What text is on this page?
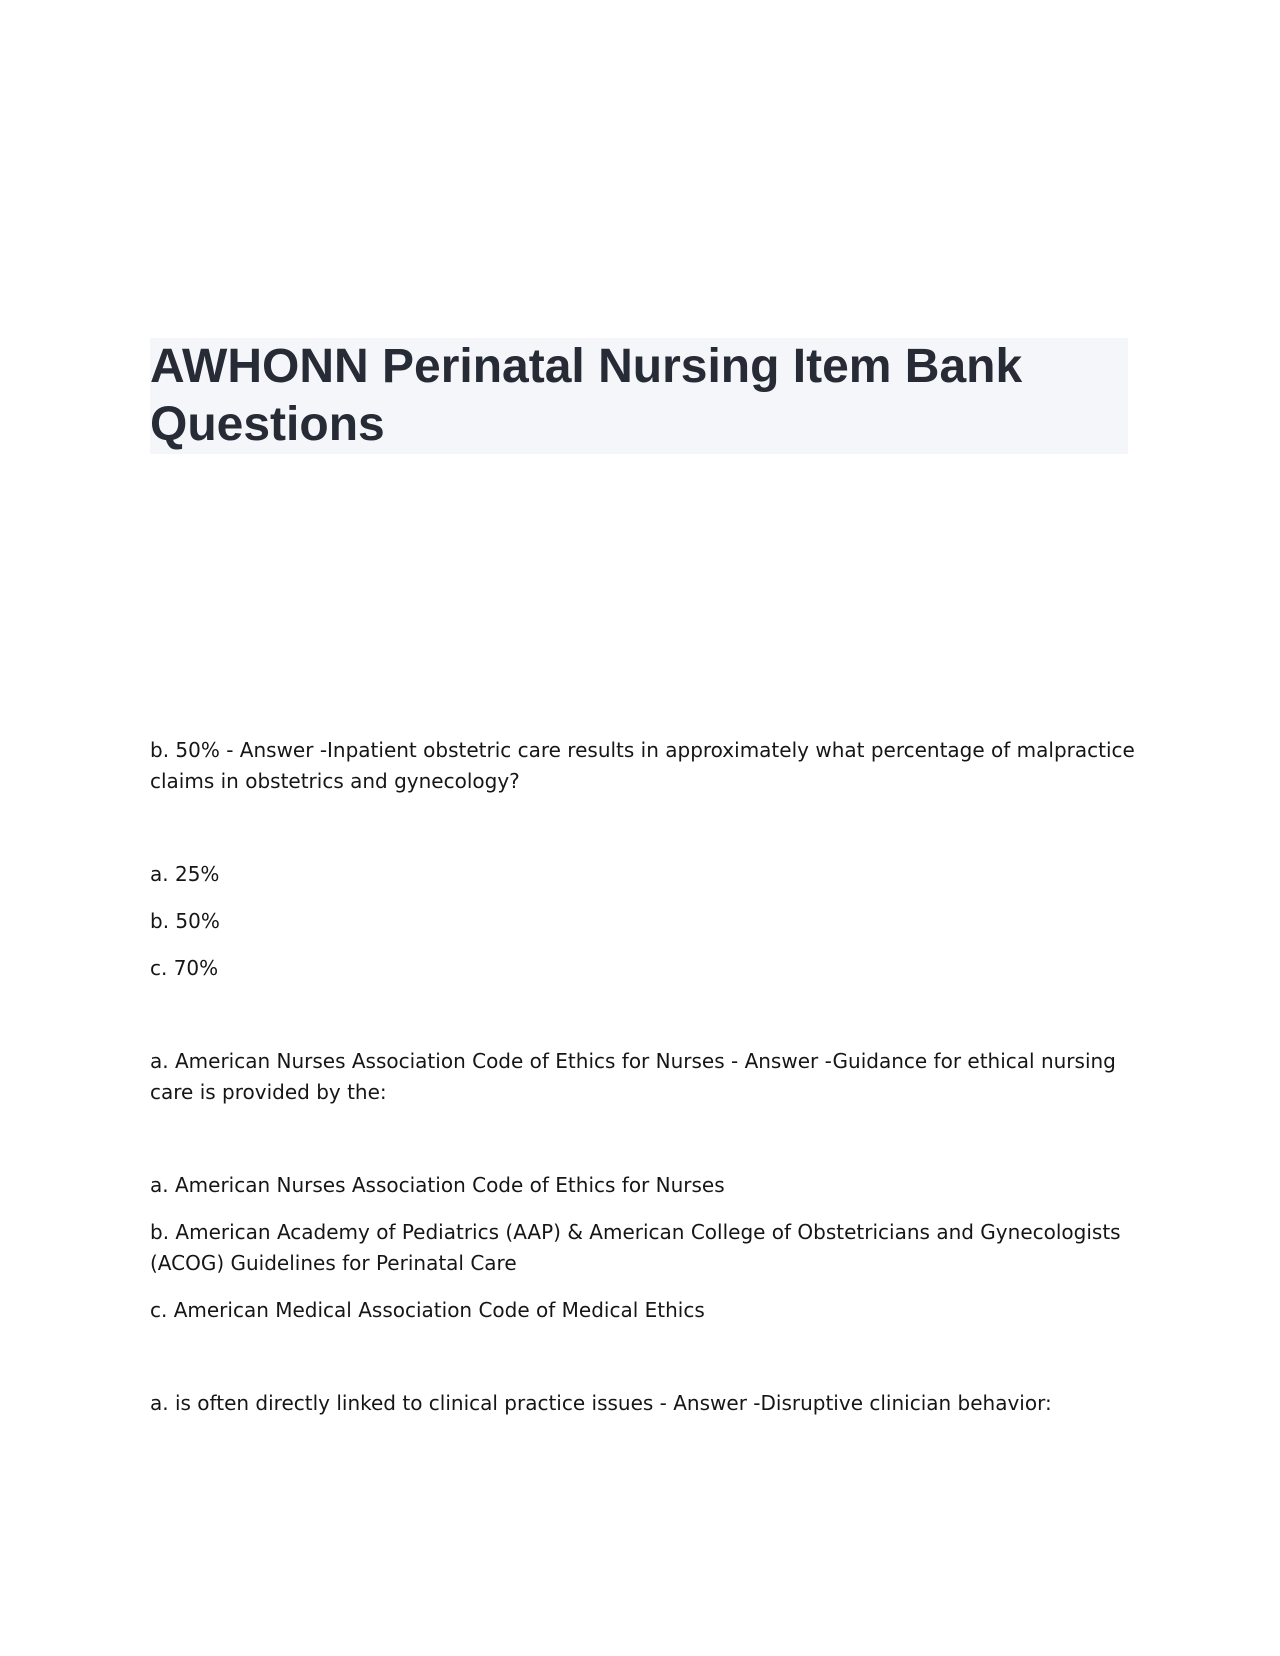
AWHONN Perinatal Nursing Item Bank Questions

b. 50% - Answer -Inpatient obstetric care results in approximately what percentage of malpractice claims in obstetrics and gynecology?

a. 25%

b. 50%

c. 70%

a. American Nurses Association Code of Ethics for Nurses - Answer -Guidance for ethical nursing care is provided by the:

a. American Nurses Association Code of Ethics for Nurses

b. American Academy of Pediatrics (AAP) & American College of Obstetricians and Gynecologists (ACOG) Guidelines for Perinatal Care

c. American Medical Association Code of Medical Ethics

a. is often directly linked to clinical practice issues - Answer -Disruptive clinician behavior:
